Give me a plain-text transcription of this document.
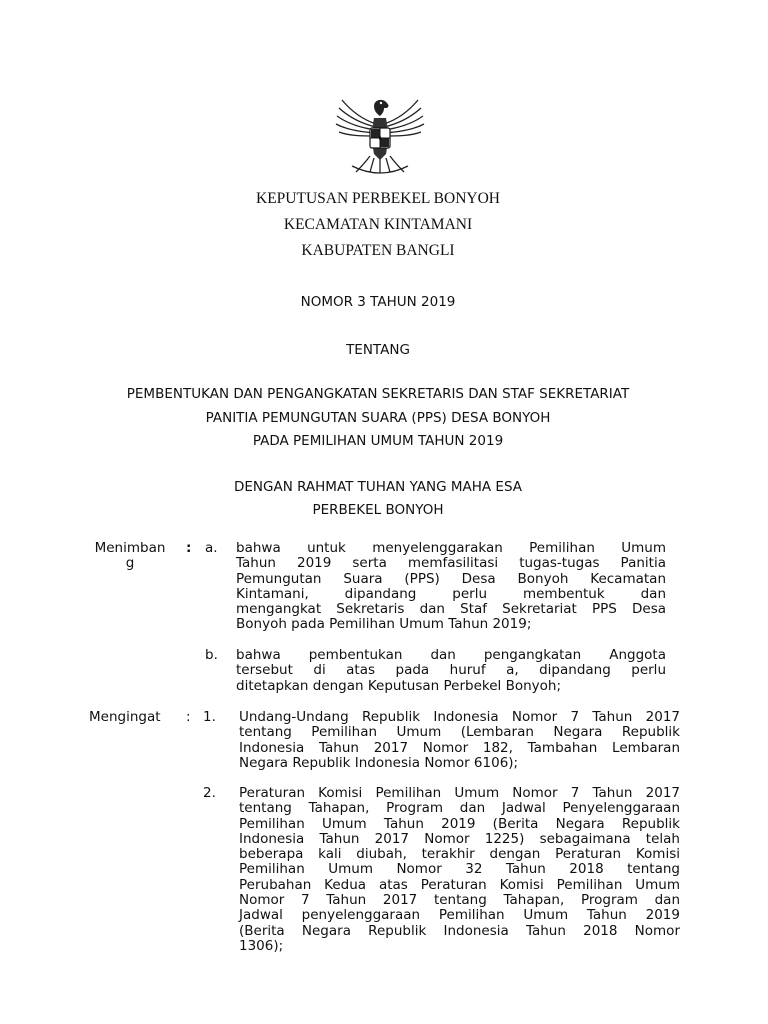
KEPUTUSAN PERBEKEL BONYOH
KECAMATAN KINTAMANI
KABUPATEN BANGLI
NOMOR 3 TAHUN 2019
TENTANG
PEMBENTUKAN DAN PENGANGKATAN SEKRETARIS DAN STAF SEKRETARIAT
PANITIA PEMUNGUTAN SUARA (PPS) DESA BONYOH
PADA PEMILIHAN UMUM TAHUN 2019
DENGAN RAHMAT TUHAN YANG MAHA ESA
PERBEKEL BONYOH
Menimban
g
: a. bahwa untuk menyelenggarakan Pemilihan Umum
Tahun 2019 serta memfasilitasi tugas-tugas Panitia
Pemungutan Suara (PPS) Desa Bonyoh Kecamatan
Kintamani, dipandang perlu membentuk dan
mengangkat Sekretaris dan Staf Sekretariat PPS Desa
Bonyoh pada Pemilihan Umum Tahun 2019;
b. bahwa pembentukan dan pengangkatan Anggota
tersebut di atas pada huruf a, dipandang perlu
ditetapkan dengan Keputusan Perbekel Bonyoh;
Mengingat : 1. Undang-Undang Republik Indonesia Nomor 7 Tahun 2017
tentang Pemilihan Umum (Lembaran Negara Republik
Indonesia Tahun 2017 Nomor 182, Tambahan Lembaran
Negara Republik Indonesia Nomor 6106);
2. Peraturan Komisi Pemilihan Umum Nomor 7 Tahun 2017
tentang Tahapan, Program dan Jadwal Penyelenggaraan
Pemilihan Umum Tahun 2019 (Berita Negara Republik
Indonesia Tahun 2017 Nomor 1225) sebagaimana telah
beberapa kali diubah, terakhir dengan Peraturan Komisi
Pemilihan Umum Nomor 32 Tahun 2018 tentang
Perubahan Kedua atas Peraturan Komisi Pemilihan Umum
Nomor 7 Tahun 2017 tentang Tahapan, Program dan
Jadwal penyelenggaraan Pemilihan Umum Tahun 2019
(Berita Negara Republik Indonesia Tahun 2018 Nomor
1306);
